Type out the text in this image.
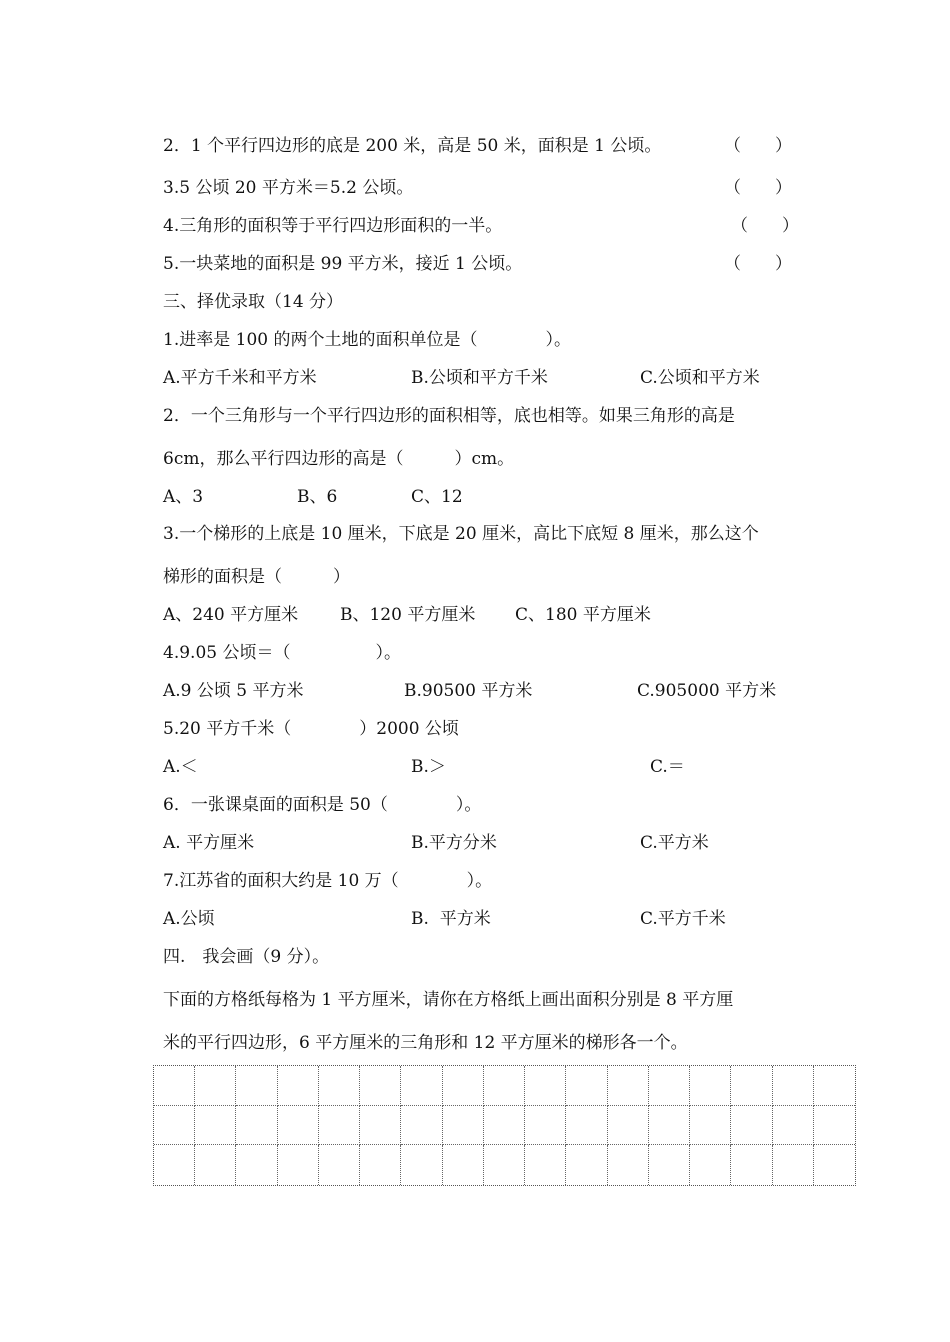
2．1 个平行四边形的底是 200 米，高是 50 米，面积是 1 公顷。	（　　）
3.5 公顷 20 平方米＝5.2 公顷。	（　　）
4.三角形的面积等于平行四边形面积的一半。	（　　）
5.一块菜地的面积是 99 平方米，接近 1 公顷。	（　　）
三、择优录取（14 分）
1.进率是 100 的两个土地的面积单位是（　　　　）。
A.平方千米和平方米	B.公顷和平方千米	C.公顷和平方米
2．一个三角形与一个平行四边形的面积相等，底也相等。如果三角形的高是
6cm，那么平行四边形的高是（　　　）cm。
A、3	B、6	C、12
3.一个梯形的上底是 10 厘米，下底是 20 厘米，高比下底短 8 厘米，那么这个
梯形的面积是（　　　）
A、240 平方厘米 B、120 平方厘米 C、180 平方厘米
4.9.05 公顷＝（　　　　　）。
A.9 公顷 5 平方米	B.90500 平方米	C.905000 平方米
5.20 平方千米（　　　　）2000 公顷
A.＜	B.＞	C.＝
6．一张课桌面的面积是 50（　　　　）。
A. 平方厘米	B.平方分米	C.平方米
7.江苏省的面积大约是 10 万（　　　　）。
A.公顷	B.  平方米	C.平方千米
四.　我会画（9 分）。
下面的方格纸每格为 1 平方厘米，请你在方格纸上画出面积分别是 8 平方厘
米的平行四边形，6 平方厘米的三角形和 12 平方厘米的梯形各一个。
